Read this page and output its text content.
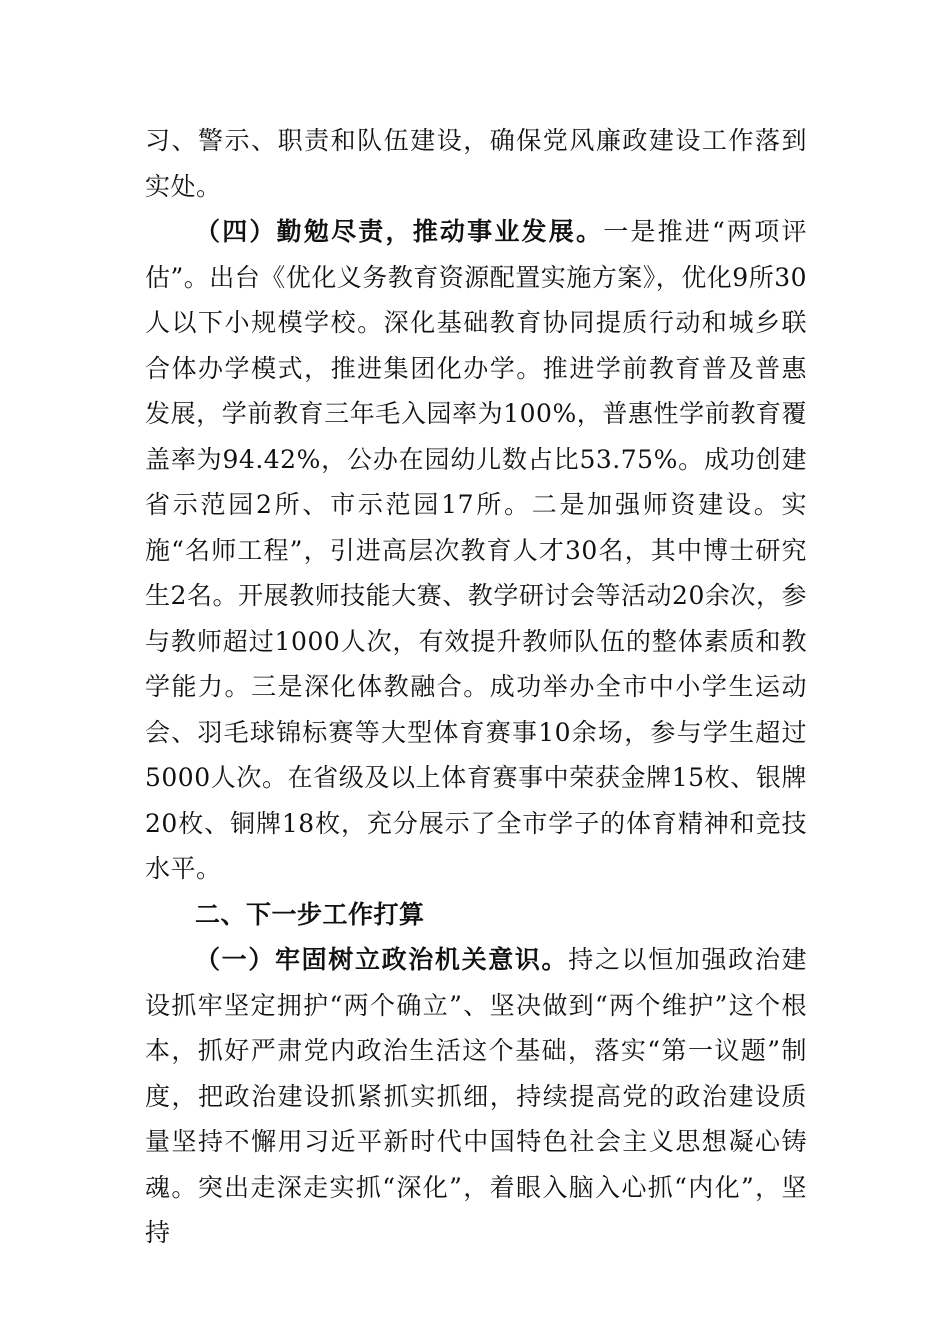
习、警示、职责和队伍建设，确保党风廉政建设工作落到实处。

（四）勤勉尽责，推动事业发展。一是推进“两项评估”。出台《优化义务教育资源配置实施方案》，优化9所30人以下小规模学校。深化基础教育协同提质行动和城乡联合体办学模式，推进集团化办学。推进学前教育普及普惠发展，学前教育三年毛入园率为100%，普惠性学前教育覆盖率为94.42%，公办在园幼儿数占比53.75%。成功创建省示范园2所、市示范园17所。二是加强师资建设。实施“名师工程”，引进高层次教育人才30名，其中博士研究生2名。开展教师技能大赛、教学研讨会等活动20余次，参与教师超过1000人次，有效提升教师队伍的整体素质和教学能力。三是深化体教融合。成功举办全市中小学生运动会、羽毛球锦标赛等大型体育赛事10余场，参与学生超过5000人次。在省级及以上体育赛事中荣获金牌15枚、银牌20枚、铜牌18枚，充分展示了全市学子的体育精神和竞技水平。

二、下一步工作打算

（一）牢固树立政治机关意识。持之以恒加强政治建设抓牢坚定拥护“两个确立”、坚决做到“两个维护”这个根本，抓好严肃党内政治生活这个基础，落实“第一议题”制度，把政治建设抓紧抓实抓细，持续提高党的政治建设质量坚持不懈用习近平新时代中国特色社会主义思想凝心铸魂。突出走深走实抓“深化”，着眼入脑入心抓“内化”，坚持
